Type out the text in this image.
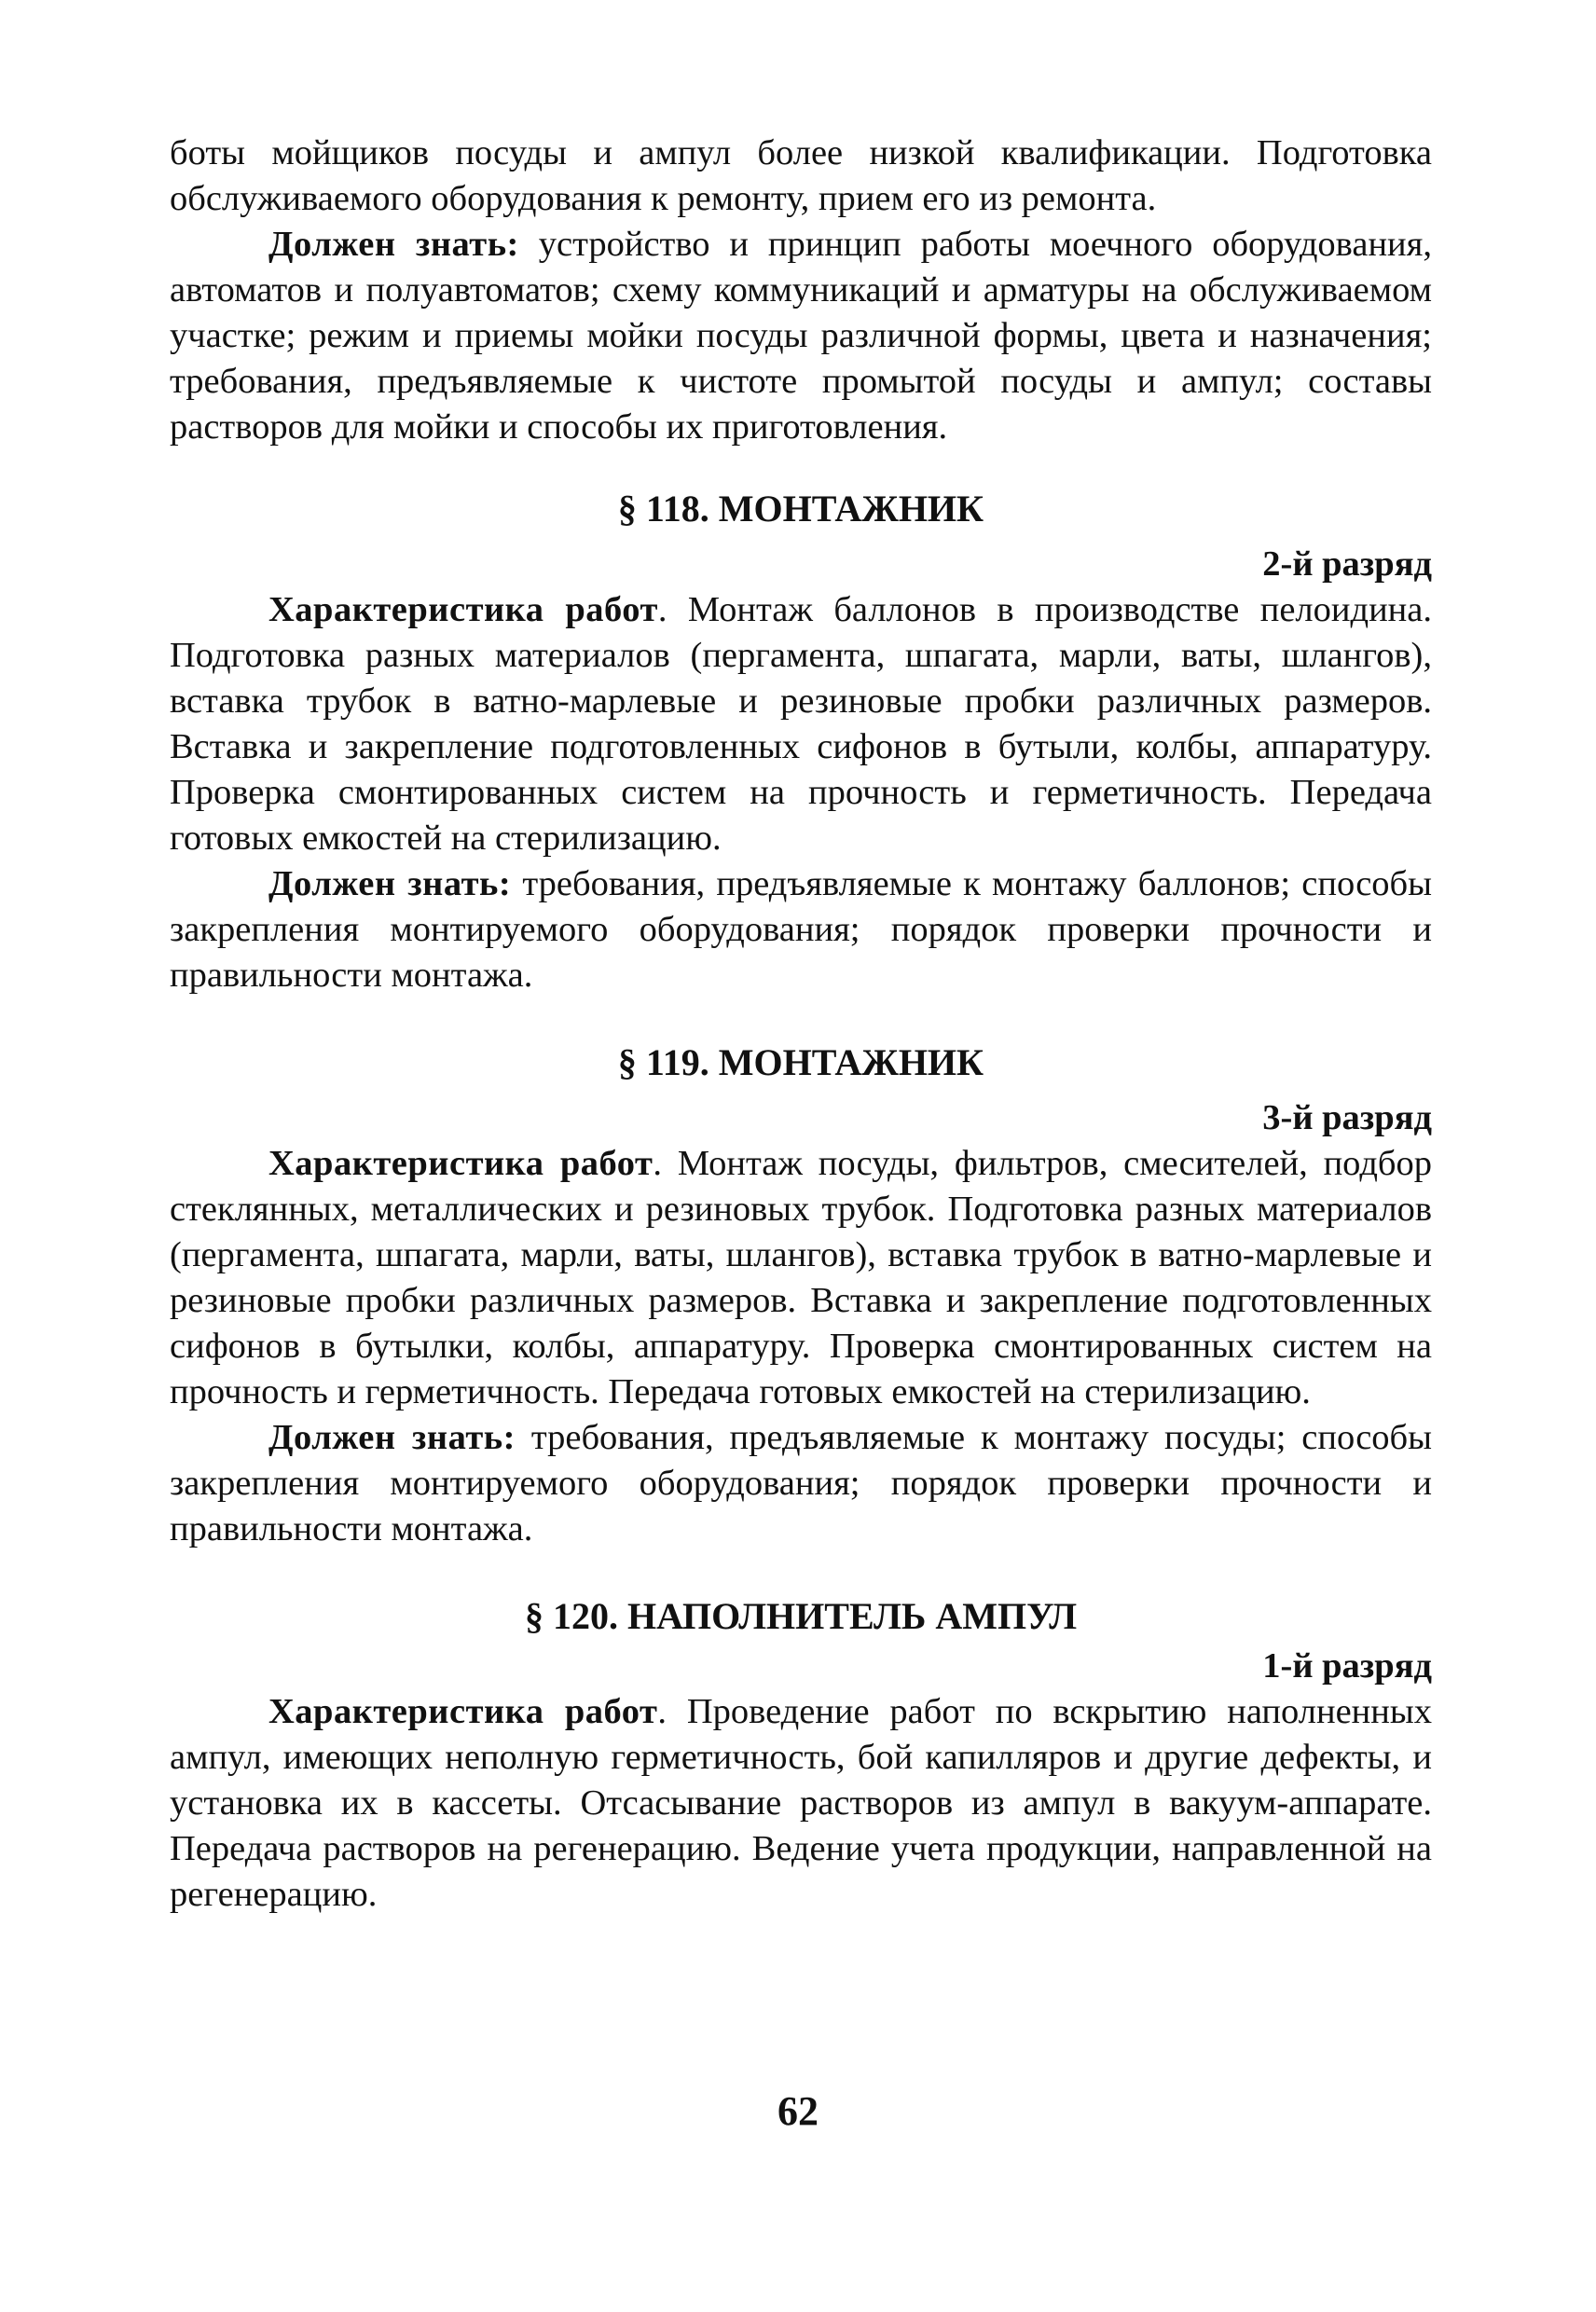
боты мойщиков посуды и ампул более низкой квалификации. Подготовка обслуживаемого оборудования к ремонту, прием его из ремонта.

Должен знать: устройство и принцип работы моечного оборудования, автоматов и полуавтоматов; схему коммуникаций и арматуры на обслуживаемом участке; режим и приемы мойки посуды различной формы, цвета и назначения; требования, предъявляемые к чистоте промытой посуды и ампул; составы растворов для мойки и способы их приготовления.

§ 118. МОНТАЖНИК

2-й разряд

Характеристика работ. Монтаж баллонов в производстве пелоидина. Подготовка разных материалов (пергамента, шпагата, марли, ваты, шлангов), вставка трубок в ватно-марлевые и резиновые пробки различных размеров. Вставка и закрепление подготовленных сифонов в бутыли, колбы, аппаратуру. Проверка смонтированных систем на прочность и герметичность. Передача готовых емкостей на стерилизацию.

Должен знать: требования, предъявляемые к монтажу баллонов; способы закрепления монтируемого оборудования; порядок проверки прочности и правильности монтажа.

§ 119. МОНТАЖНИК

3-й разряд

Характеристика работ. Монтаж посуды, фильтров, смесителей, подбор стеклянных, металлических и резиновых трубок. Подготовка разных материалов (пергамента, шпагата, марли, ваты, шлангов), вставка трубок в ватно-марлевые и резиновые пробки различных размеров. Вставка и закрепление подготовленных сифонов в бутылки, колбы, аппаратуру. Проверка смонтированных систем на прочность и герметичность. Передача готовых емкостей на стерилизацию.

Должен знать: требования, предъявляемые к монтажу посуды; способы закрепления монтируемого оборудования; порядок проверки прочности и правильности монтажа.

§ 120. НАПОЛНИТЕЛЬ АМПУЛ

1-й разряд

Характеристика работ. Проведение работ по вскрытию наполненных ампул, имеющих неполную герметичность, бой капилляров и другие дефекты, и установка их в кассеты. Отсасывание растворов из ампул в вакуум-аппарате. Передача растворов на регенерацию. Ведение учета продукции, направленной на регенерацию.

62
